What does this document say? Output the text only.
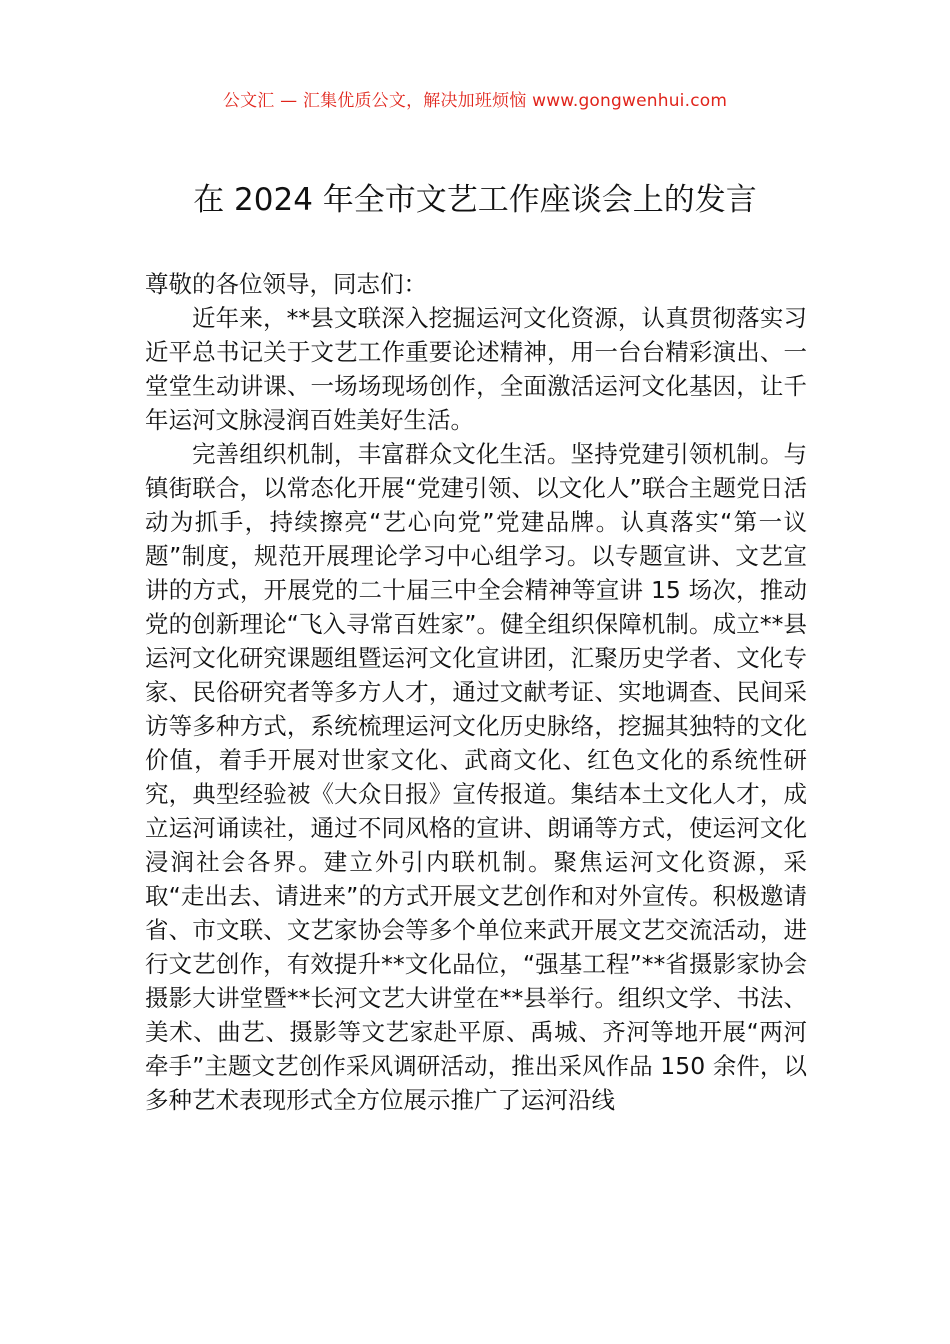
公文汇 — 汇集优质公文，解决加班烦恼 www.gongwenhui.com
在 2024 年全市文艺工作座谈会上的发言

尊敬的各位领导，同志们：

近年来，**县文联深入挖掘运河文化资源，认真贯彻落实习近平总书记关于文艺工作重要论述精神，用一台台精彩演出、一堂堂生动讲课、一场场现场创作，全面激活运河文化基因，让千年运河文脉浸润百姓美好生活。

完善组织机制，丰富群众文化生活。坚持党建引领机制。与镇街联合，以常态化开展“党建引领、以文化人”联合主题党日活动为抓手，持续擦亮“艺心向党”党建品牌。认真落实“第一议题”制度，规范开展理论学习中心组学习。以专题宣讲、文艺宣讲的方式，开展党的二十届三中全会精神等宣讲 15 场次，推动党的创新理论“飞入寻常百姓家”。健全组织保障机制。成立**县运河文化研究课题组暨运河文化宣讲团，汇聚历史学者、文化专家、民俗研究者等多方人才，通过文献考证、实地调查、民间采访等多种方式，系统梳理运河文化历史脉络，挖掘其独特的文化价值，着手开展对世家文化、武商文化、红色文化的系统性研究，典型经验被《大众日报》宣传报道。集结本土文化人才，成立运河诵读社，通过不同风格的宣讲、朗诵等方式，使运河文化浸润社会各界。建立外引内联机制。聚焦运河文化资源，采取“走出去、请进来”的方式开展文艺创作和对外宣传。积极邀请省、市文联、文艺家协会等多个单位来武开展文艺交流活动，进行文艺创作，有效提升**文化品位，“强基工程”**省摄影家协会摄影大讲堂暨**长河文艺大讲堂在**县举行。组织文学、书法、美术、曲艺、摄影等文艺家赴平原、禹城、齐河等地开展“两河牵手”主题文艺创作采风调研活动，推出采风作品 150 余件，以多种艺术表现形式全方位展示推广了运河沿线
